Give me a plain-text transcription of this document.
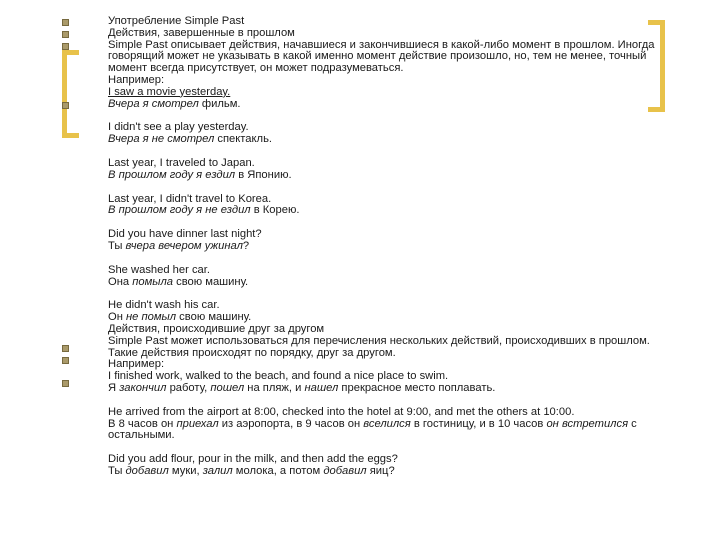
Употребление Simple Past
Действия, завершенные в прошлом
Simple Past описывает действия, начавшиеся и закончившиеся в какой-либо момент в прошлом. Иногда говорящий может не указывать в какой именно момент действие произошло, но, тем не менее, точный момент всегда присутствует, он может подразумеваться.
Например:
I saw a movie yesterday.
Вчера я смотрел фильм.
I didn't see a play yesterday.
Вчера я не смотрел спектакль.
Last year, I traveled to Japan.
В прошлом году я ездил в Японию.
Last year, I didn't travel to Korea.
В прошлом году я не ездил в Корею.
Did you have dinner last night?
Ты вчера вечером ужинал?
She washed her car.
Она помыла свою машину.
He didn't wash his car.
Он не помыл свою машину.
Действия, происходившие друг за другом
Simple Past может использоваться для перечисления нескольких действий, происходивших в прошлом. Такие действия происходят по порядку, друг за другом.
Например:
I finished work, walked to the beach, and found a nice place to swim.
Я закончил работу, пошел на пляж, и нашел прекрасное место поплавать.
He arrived from the airport at 8:00, checked into the hotel at 9:00, and met the others at 10:00.
В 8 часов он приехал из аэропорта, в 9 часов он вселился в гостиницу, и в 10 часов он встретился с остальными.
Did you add flour, pour in the milk, and then add the eggs?
Ты добавил муки, залил молока, а потом добавил яиц?
